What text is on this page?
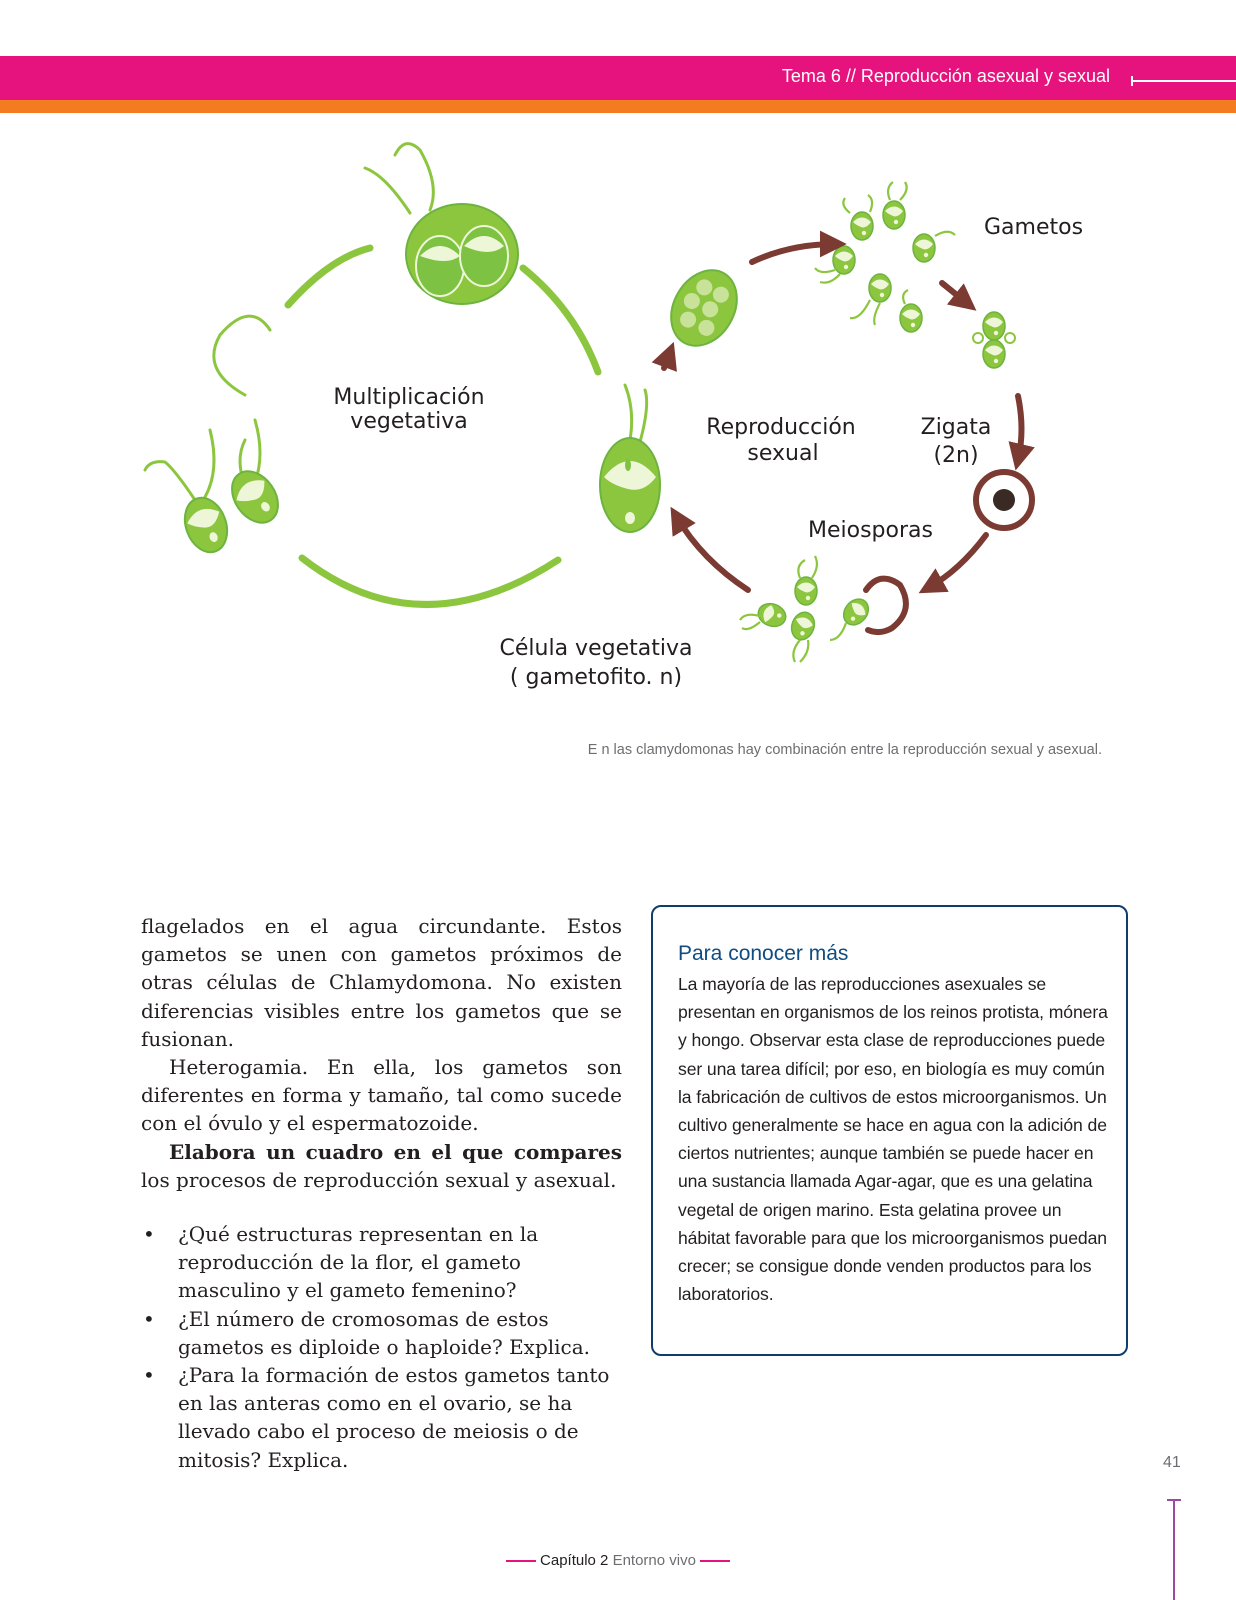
Tema 6 // Reproducción asexual y sexual
Multiplicación
vegetativa	Reproducción
sexual
Gametos
Zigata
(2n)
Meiosporas
Célula vegetativa
( gametofito. n)
E n las clamydomonas hay combinación entre la reproducción sexual y asexual.

flagelados en el agua circundante. Estos gametos se unen con gametos próximos de otras células de Chlamydomona. No existen diferencias visibles entre los gametos que se fusionan.

Heterogamia. En ella, los gametos son diferentes en forma y tamaño, tal como sucede con el óvulo y el espermatozoide.

Elabora un cuadro en el que compares los procesos de reproducción sexual y asexual.

• ¿Qué estructuras representan en la reproducción de la flor, el gameto masculino y el gameto femenino?
• ¿El número de cromosomas de estos gametos es diploide o haploide? Explica.
• ¿Para la formación de estos gametos tanto en las anteras como en el ovario, se ha llevado cabo el proceso de meiosis o de mitosis? Explica.
Para conocer más
La mayoría de las reproducciones asexuales se presentan en organismos de los reinos protista, mónera y hongo. Observar esta clase de reproducciones puede ser una tarea difícil; por eso, en biología es muy común la fabricación de cultivos de estos microorganismos. Un cultivo generalmente se hace en agua con la adición de ciertos nutrientes; aunque también se puede hacer en una sustancia llamada Agar-agar, que es una gelatina vegetal de origen marino. Esta gelatina provee un hábitat favorable para que los microorganismos puedan crecer; se consigue donde venden productos para los laboratorios.
41
Capítulo 2 Entorno vivo
